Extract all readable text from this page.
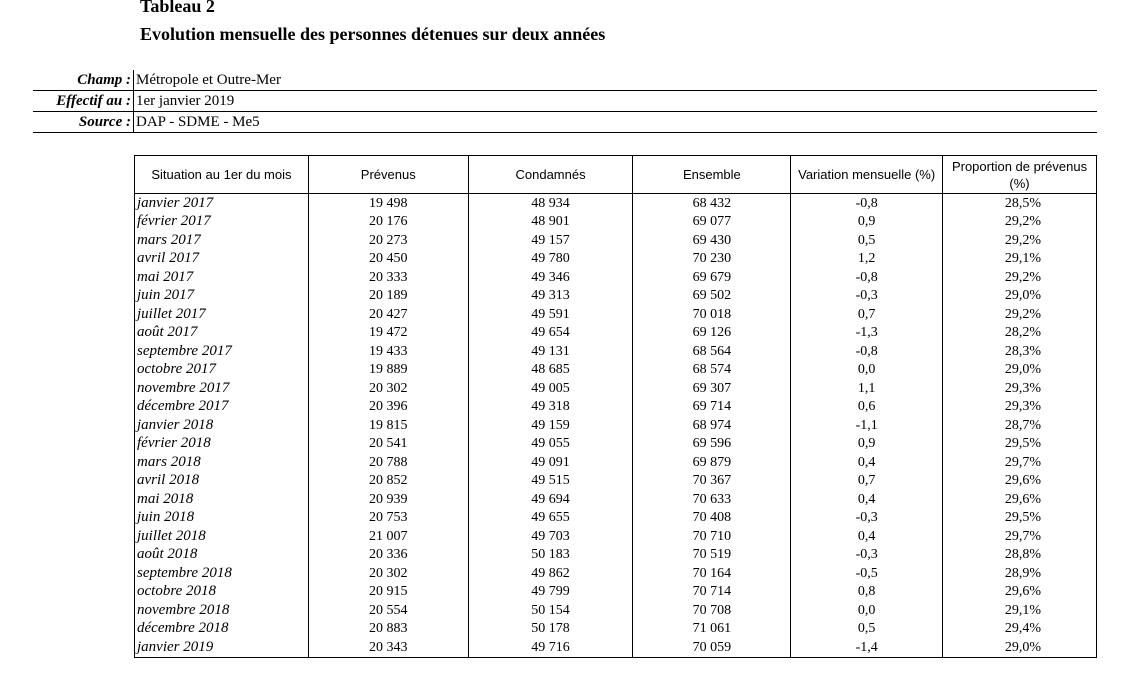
Tableau 2
Evolution mensuelle des personnes détenues sur deux années
Champ : Métropole et Outre-Mer
Effectif au : 1er janvier 2019
Source : DAP - SDME - Me5
Situation au 1er du mois	Prévenus	Condamnés	Ensemble	Variation mensuelle (%)	Proportion de prévenus (%)
janvier 2017	19 498	48 934	68 432	-0,8	28,5%
février 2017	20 176	48 901	69 077	0,9	29,2%
mars 2017	20 273	49 157	69 430	0,5	29,2%
avril 2017	20 450	49 780	70 230	1,2	29,1%
mai 2017	20 333	49 346	69 679	-0,8	29,2%
juin 2017	20 189	49 313	69 502	-0,3	29,0%
juillet 2017	20 427	49 591	70 018	0,7	29,2%
août 2017	19 472	49 654	69 126	-1,3	28,2%
septembre 2017	19 433	49 131	68 564	-0,8	28,3%
octobre 2017	19 889	48 685	68 574	0,0	29,0%
novembre 2017	20 302	49 005	69 307	1,1	29,3%
décembre 2017	20 396	49 318	69 714	0,6	29,3%
janvier 2018	19 815	49 159	68 974	-1,1	28,7%
février 2018	20 541	49 055	69 596	0,9	29,5%
mars 2018	20 788	49 091	69 879	0,4	29,7%
avril 2018	20 852	49 515	70 367	0,7	29,6%
mai 2018	20 939	49 694	70 633	0,4	29,6%
juin 2018	20 753	49 655	70 408	-0,3	29,5%
juillet 2018	21 007	49 703	70 710	0,4	29,7%
août 2018	20 336	50 183	70 519	-0,3	28,8%
septembre 2018	20 302	49 862	70 164	-0,5	28,9%
octobre 2018	20 915	49 799	70 714	0,8	29,6%
novembre 2018	20 554	50 154	70 708	0,0	29,1%
décembre 2018	20 883	50 178	71 061	0,5	29,4%
janvier 2019	20 343	49 716	70 059	-1,4	29,0%
